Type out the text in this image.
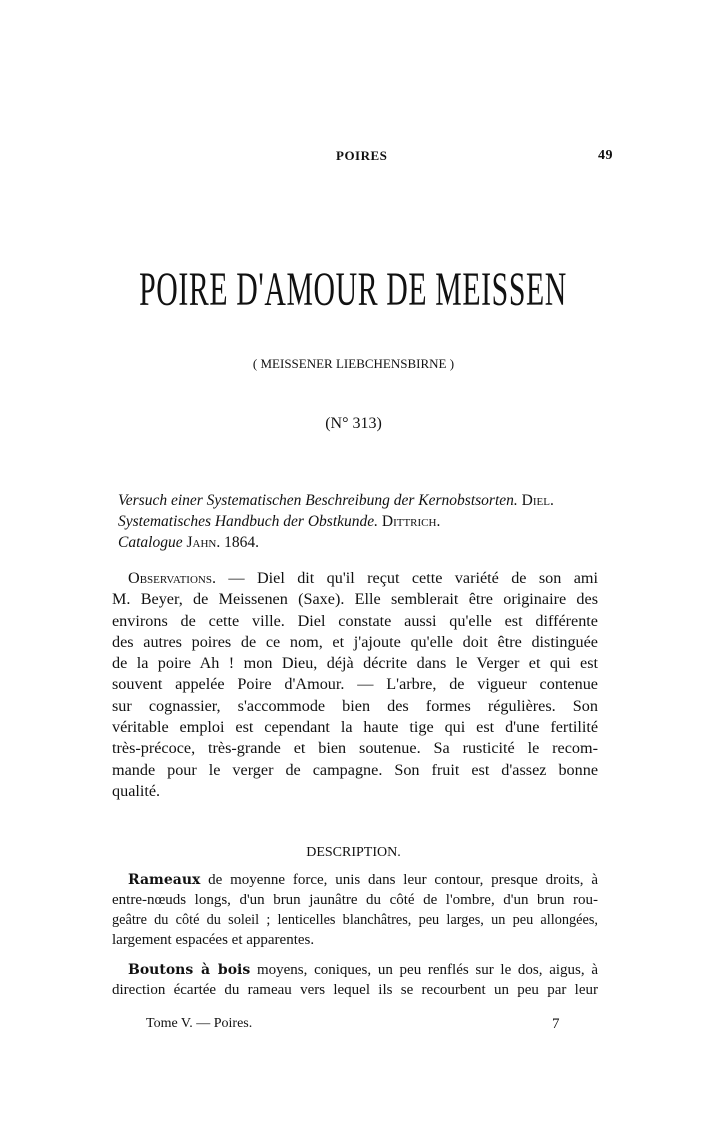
POIRES	49
POIRE D'AMOUR DE MEISSEN
( MEISSENER LIEBCHENSBIRNE )
(N° 313)
Versuch einer Systematischen Beschreibung der Kernobstsorten. Diel.
Systematisches Handbuch der Obstkunde. Dittrich.
Catalogue Jahn. 1864.
Observations. — Diel dit qu'il reçut cette variété de son ami
M. Beyer, de Meissenen (Saxe). Elle semblerait être originaire des
environs de cette ville. Diel constate aussi qu'elle est différente
des autres poires de ce nom, et j'ajoute qu'elle doit être distinguée
de la poire Ah ! mon Dieu, déjà décrite dans le Verger et qui est
souvent appelée Poire d'Amour. — L'arbre, de vigueur contenue
sur cognassier, s'accommode bien des formes régulières. Son
véritable emploi est cependant la haute tige qui est d'une fertilité
très-précoce, très-grande et bien soutenue. Sa rusticité le recom-
mande pour le verger de campagne. Son fruit est d'assez bonne
qualité.
DESCRIPTION.
Rameaux de moyenne force, unis dans leur contour, presque droits, à
entre-nœuds longs, d'un brun jaunâtre du côté de l'ombre, d'un brun rou-
geâtre du côté du soleil ; lenticelles blanchâtres, peu larges, un peu allongées,
largement espacées et apparentes.
Boutons à bois moyens, coniques, un peu renflés sur le dos, aigus, à
direction écartée du rameau vers lequel ils se recourbent un peu par leur
Tome V. — Poires.	7
